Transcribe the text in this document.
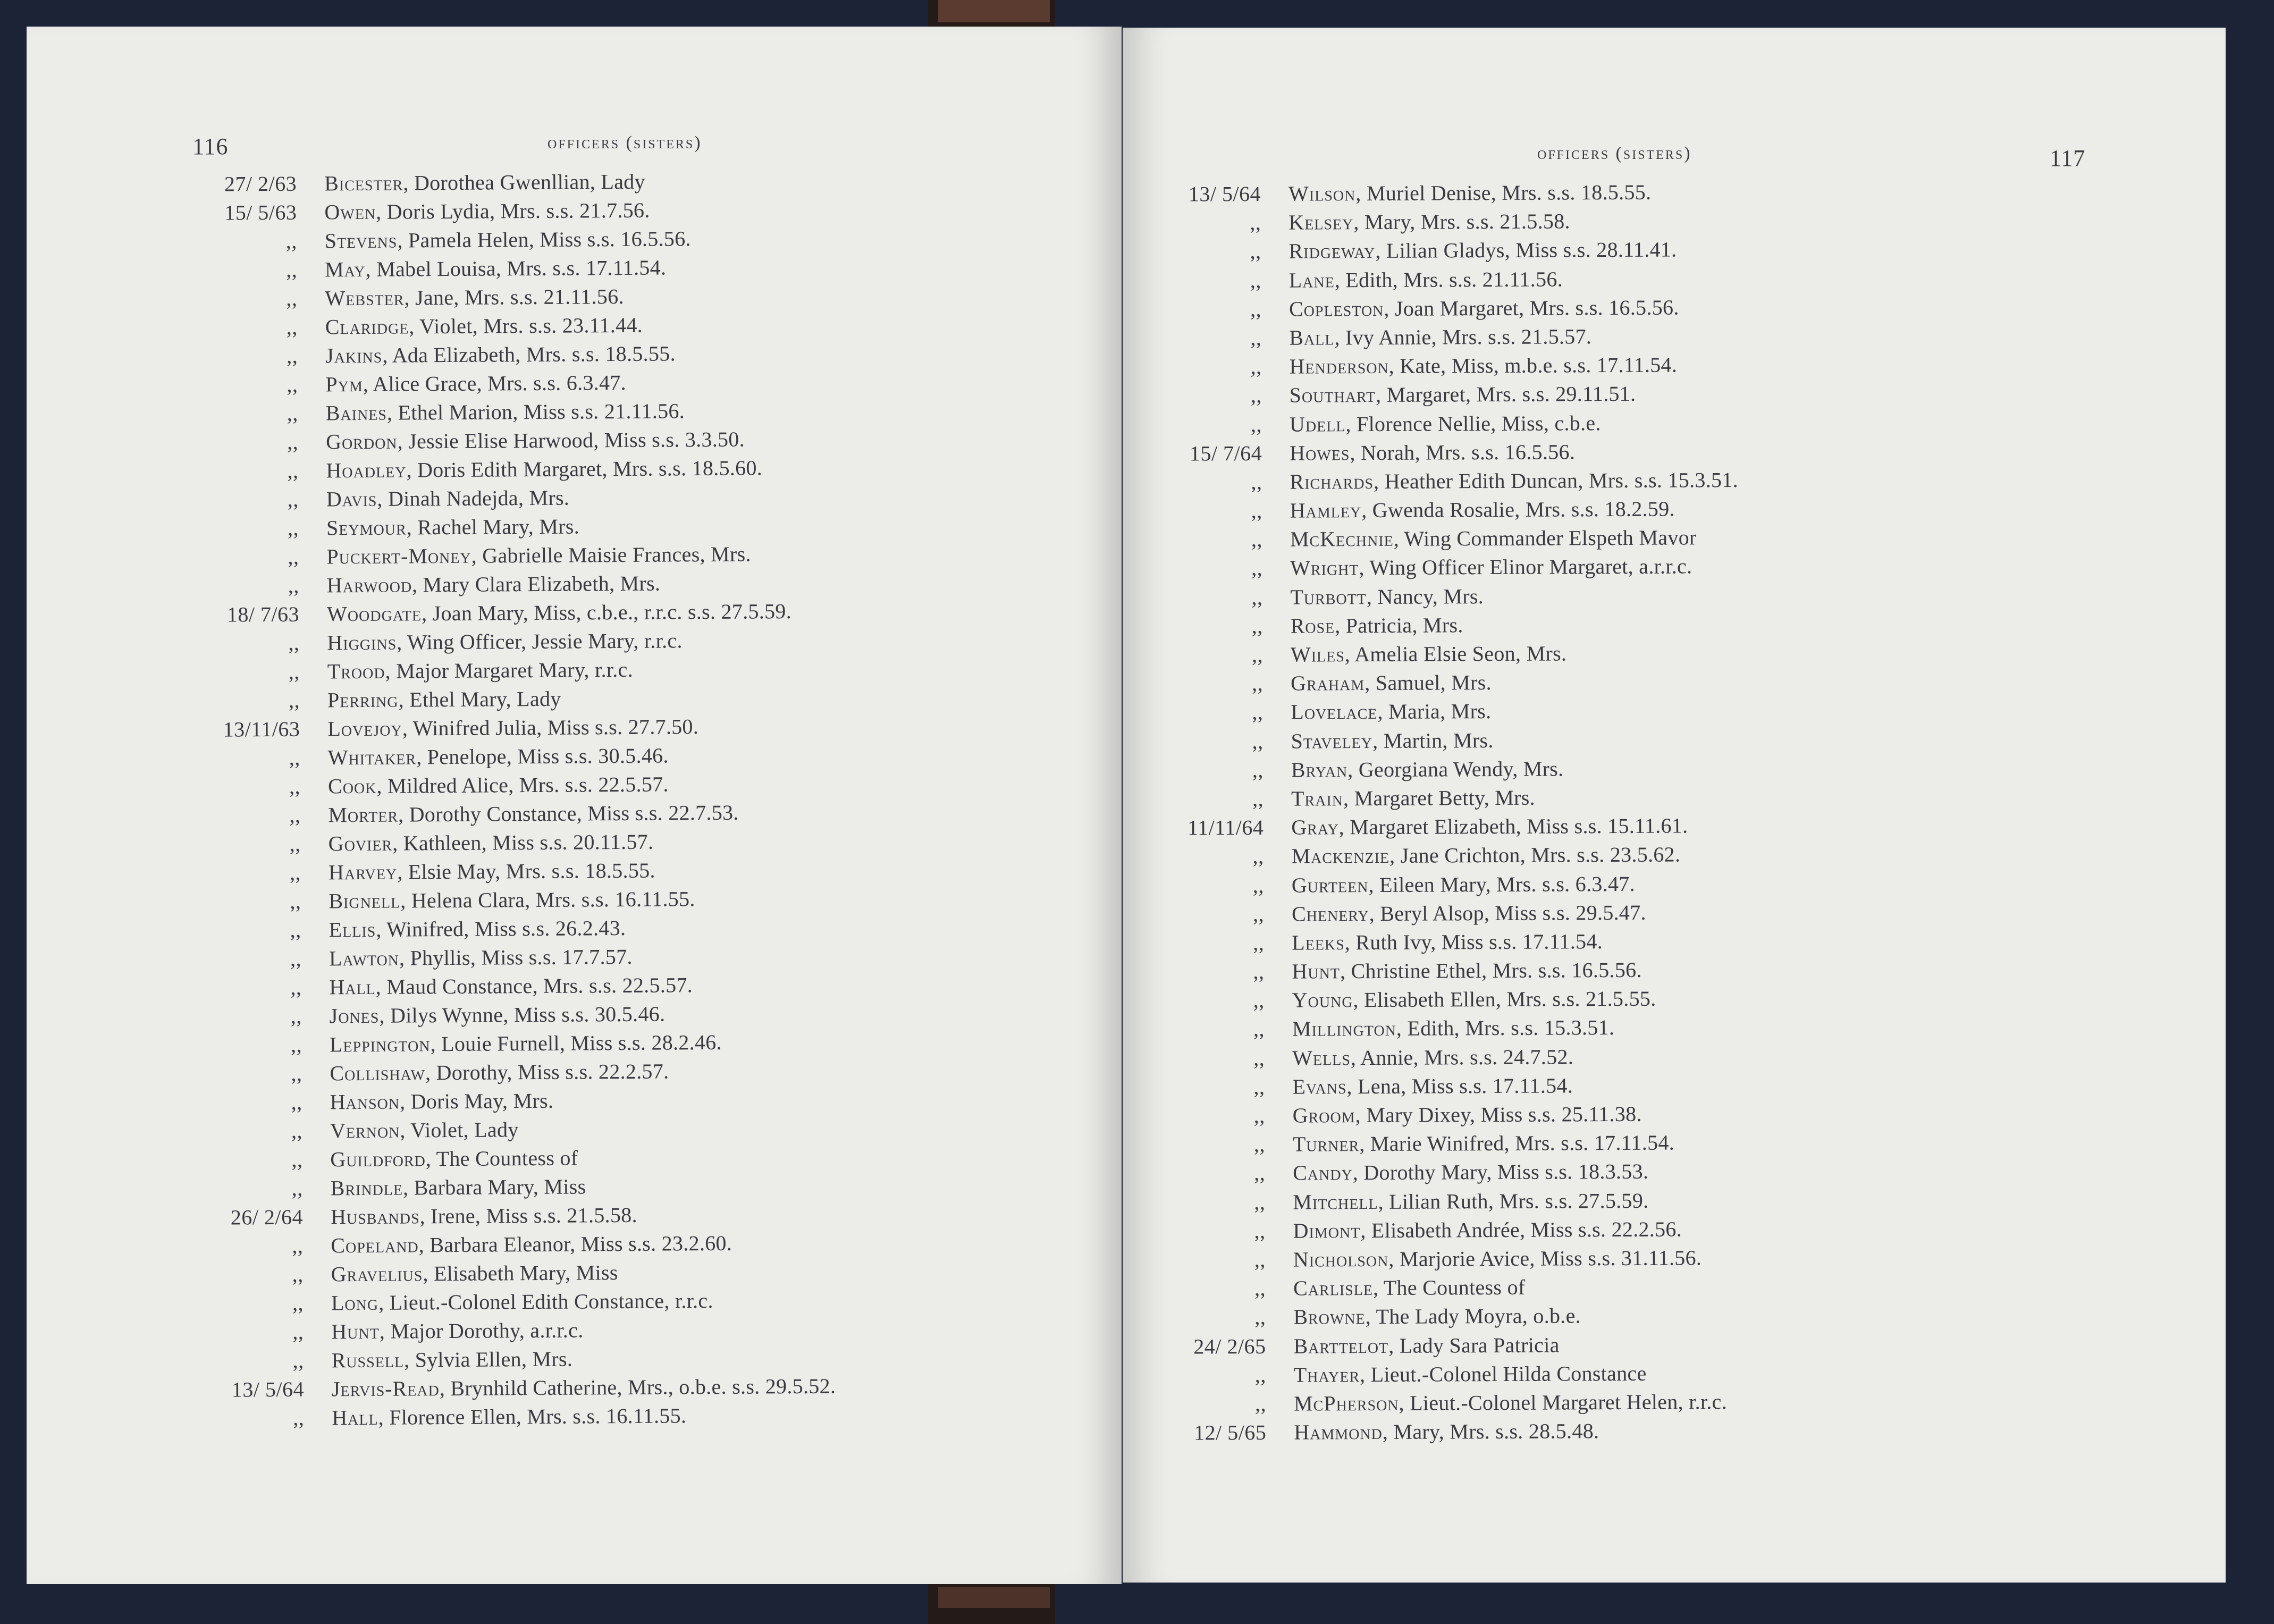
116	officers (sisters)
27/ 2/63	Bicester, Dorothea Gwenllian, Lady
15/ 5/63	Owen, Doris Lydia, Mrs. s.s. 21.7.56.
,,	Stevens, Pamela Helen, Miss s.s. 16.5.56.
,,	May, Mabel Louisa, Mrs. s.s. 17.11.54.
,,	Webster, Jane, Mrs. s.s. 21.11.56.
,,	Claridge, Violet, Mrs. s.s. 23.11.44.
,,	Jakins, Ada Elizabeth, Mrs. s.s. 18.5.55.
,,	Pym, Alice Grace, Mrs. s.s. 6.3.47.
,,	Baines, Ethel Marion, Miss s.s. 21.11.56.
,,	Gordon, Jessie Elise Harwood, Miss s.s. 3.3.50.
,,	Hoadley, Doris Edith Margaret, Mrs. s.s. 18.5.60.
,,	Davis, Dinah Nadejda, Mrs.
,,	Seymour, Rachel Mary, Mrs.
,,	Puckert-Money, Gabrielle Maisie Frances, Mrs.
,,	Harwood, Mary Clara Elizabeth, Mrs.
18/ 7/63	Woodgate, Joan Mary, Miss, c.b.e., r.r.c. s.s. 27.5.59.
,,	Higgins, Wing Officer, Jessie Mary, r.r.c.
,,	Trood, Major Margaret Mary, r.r.c.
,,	Perring, Ethel Mary, Lady
13/11/63	Lovejoy, Winifred Julia, Miss s.s. 27.7.50.
,,	Whitaker, Penelope, Miss s.s. 30.5.46.
,,	Cook, Mildred Alice, Mrs. s.s. 22.5.57.
,,	Morter, Dorothy Constance, Miss s.s. 22.7.53.
,,	Govier, Kathleen, Miss s.s. 20.11.57.
,,	Harvey, Elsie May, Mrs. s.s. 18.5.55.
,,	Bignell, Helena Clara, Mrs. s.s. 16.11.55.
,,	Ellis, Winifred, Miss s.s. 26.2.43.
,,	Lawton, Phyllis, Miss s.s. 17.7.57.
,,	Hall, Maud Constance, Mrs. s.s. 22.5.57.
,,	Jones, Dilys Wynne, Miss s.s. 30.5.46.
,,	Leppington, Louie Furnell, Miss s.s. 28.2.46.
,,	Collishaw, Dorothy, Miss s.s. 22.2.57.
,,	Hanson, Doris May, Mrs.
,,	Vernon, Violet, Lady
,,	Guildford, The Countess of
,,	Brindle, Barbara Mary, Miss
26/ 2/64	Husbands, Irene, Miss s.s. 21.5.58.
,,	Copeland, Barbara Eleanor, Miss s.s. 23.2.60.
,,	Gravelius, Elisabeth Mary, Miss
,,	Long, Lieut.-Colonel Edith Constance, r.r.c.
,,	Hunt, Major Dorothy, a.r.r.c.
,,	Russell, Sylvia Ellen, Mrs.
13/ 5/64	Jervis-Read, Brynhild Catherine, Mrs., o.b.e. s.s. 29.5.52.
,,	Hall, Florence Ellen, Mrs. s.s. 16.11.55.
officers (sisters)	117
13/ 5/64	Wilson, Muriel Denise, Mrs. s.s. 18.5.55.
,,	Kelsey, Mary, Mrs. s.s. 21.5.58.
,,	Ridgeway, Lilian Gladys, Miss s.s. 28.11.41.
,,	Lane, Edith, Mrs. s.s. 21.11.56.
,,	Copleston, Joan Margaret, Mrs. s.s. 16.5.56.
,,	Ball, Ivy Annie, Mrs. s.s. 21.5.57.
,,	Henderson, Kate, Miss, m.b.e. s.s. 17.11.54.
,,	Southart, Margaret, Mrs. s.s. 29.11.51.
,,	Udell, Florence Nellie, Miss, c.b.e.
15/ 7/64	Howes, Norah, Mrs. s.s. 16.5.56.
,,	Richards, Heather Edith Duncan, Mrs. s.s. 15.3.51.
,,	Hamley, Gwenda Rosalie, Mrs. s.s. 18.2.59.
,,	McKechnie, Wing Commander Elspeth Mavor
,,	Wright, Wing Officer Elinor Margaret, a.r.r.c.
,,	Turbott, Nancy, Mrs.
,,	Rose, Patricia, Mrs.
,,	Wiles, Amelia Elsie Seon, Mrs.
,,	Graham, Samuel, Mrs.
,,	Lovelace, Maria, Mrs.
,,	Staveley, Martin, Mrs.
,,	Bryan, Georgiana Wendy, Mrs.
,,	Train, Margaret Betty, Mrs.
11/11/64	Gray, Margaret Elizabeth, Miss s.s. 15.11.61.
,,	Mackenzie, Jane Crichton, Mrs. s.s. 23.5.62.
,,	Gurteen, Eileen Mary, Mrs. s.s. 6.3.47.
,,	Chenery, Beryl Alsop, Miss s.s. 29.5.47.
,,	Leeks, Ruth Ivy, Miss s.s. 17.11.54.
,,	Hunt, Christine Ethel, Mrs. s.s. 16.5.56.
,,	Young, Elisabeth Ellen, Mrs. s.s. 21.5.55.
,,	Millington, Edith, Mrs. s.s. 15.3.51.
,,	Wells, Annie, Mrs. s.s. 24.7.52.
,,	Evans, Lena, Miss s.s. 17.11.54.
,,	Groom, Mary Dixey, Miss s.s. 25.11.38.
,,	Turner, Marie Winifred, Mrs. s.s. 17.11.54.
,,	Candy, Dorothy Mary, Miss s.s. 18.3.53.
,,	Mitchell, Lilian Ruth, Mrs. s.s. 27.5.59.
,,	Dimont, Elisabeth Andrée, Miss s.s. 22.2.56.
,,	Nicholson, Marjorie Avice, Miss s.s. 31.11.56.
,,	Carlisle, The Countess of
,,	Browne, The Lady Moyra, o.b.e.
24/ 2/65	Barttelot, Lady Sara Patricia
,,	Thayer, Lieut.-Colonel Hilda Constance
,,	McPherson, Lieut.-Colonel Margaret Helen, r.r.c.
12/ 5/65	Hammond, Mary, Mrs. s.s. 28.5.48.
